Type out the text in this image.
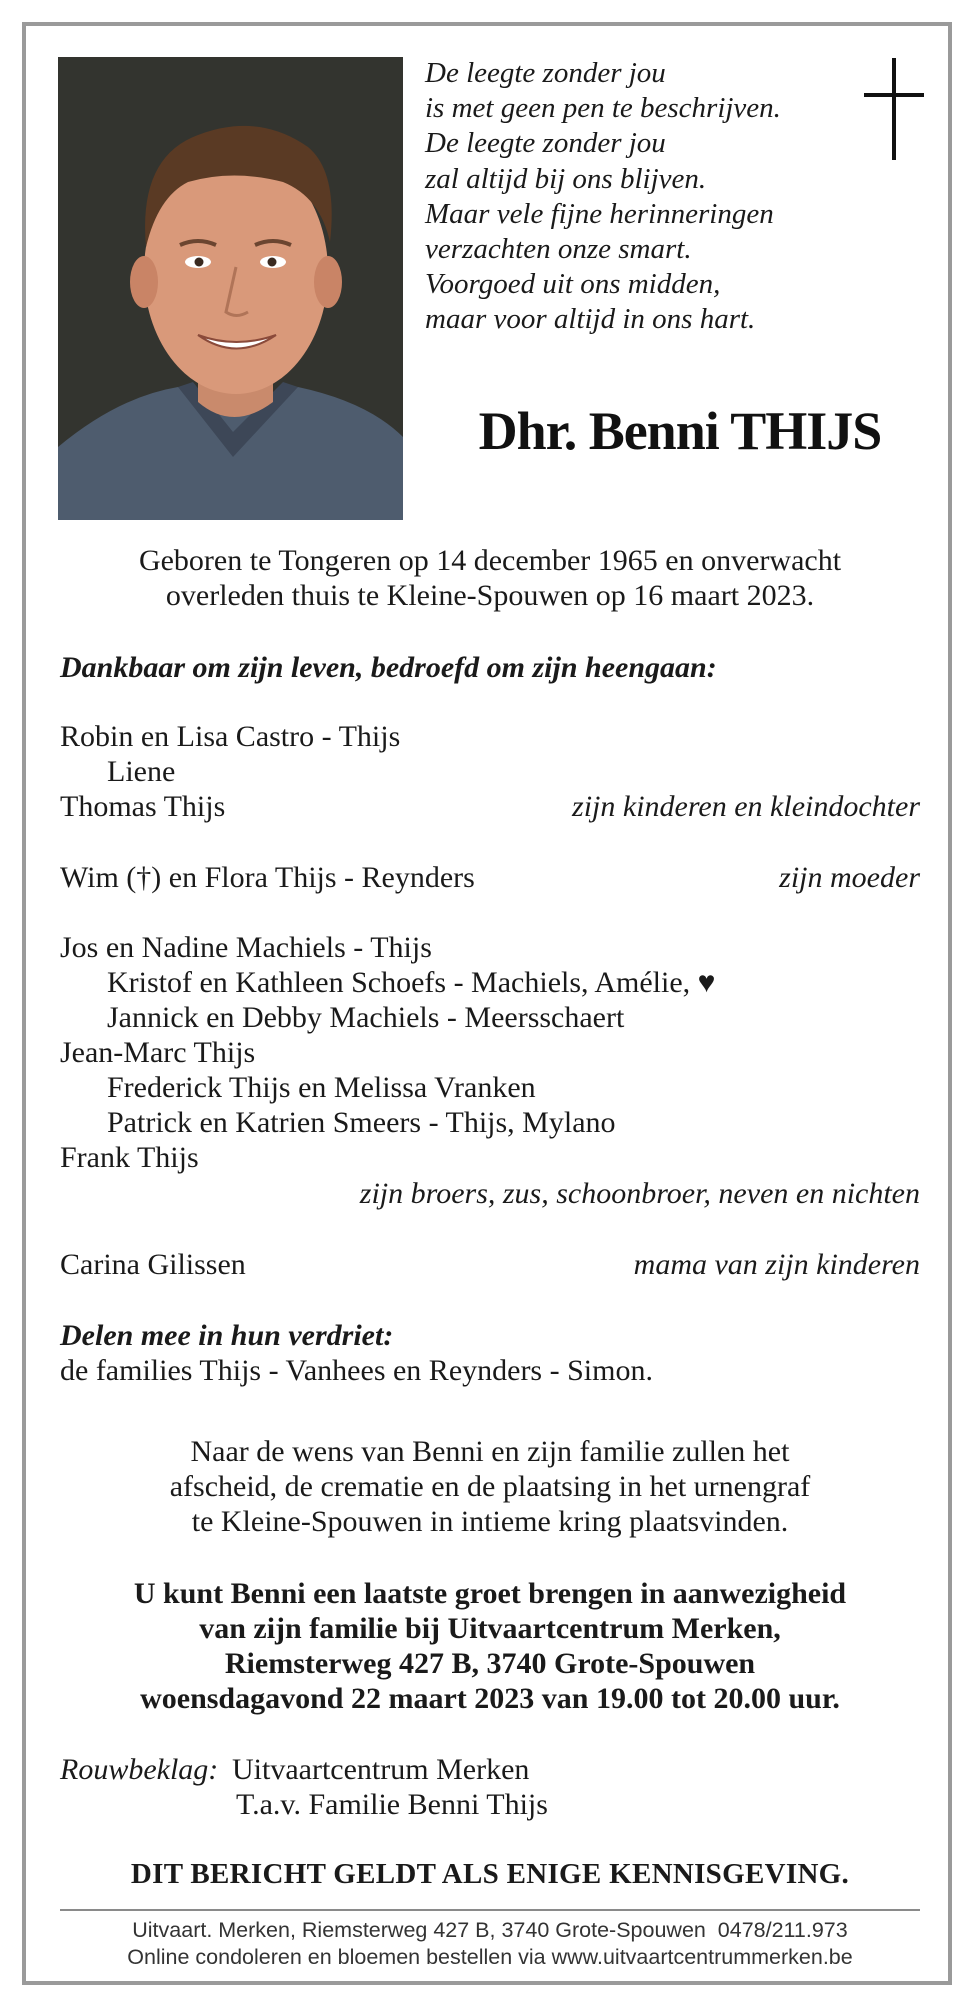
De leegte zonder jou
is met geen pen te beschrijven.
De leegte zonder jou
zal altijd bij ons blijven.
Maar vele fijne herinneringen
verzachten onze smart.
Voorgoed uit ons midden,
maar voor altijd in ons hart.
Dhr. Benni THIJS
Geboren te Tongeren op 14 december 1965 en onverwacht
overleden thuis te Kleine-Spouwen op 16 maart 2023.
Dankbaar om zijn leven, bedroefd om zijn heengaan:
Robin en Lisa Castro - Thijs
Liene
Thomas Thijs	zijn kinderen en kleindochter
Wim (†) en Flora Thijs - Reynders	zijn moeder
Jos en Nadine Machiels - Thijs
Kristof en Kathleen Schoefs - Machiels, Amélie, ♥
Jannick en Debby Machiels - Meersschaert
Jean-Marc Thijs
Frederick Thijs en Melissa Vranken
Patrick en Katrien Smeers - Thijs, Mylano
Frank Thijs
zijn broers, zus, schoonbroer, neven en nichten
Carina Gilissen	mama van zijn kinderen
Delen mee in hun verdriet:
de families Thijs - Vanhees en Reynders - Simon.
Naar de wens van Benni en zijn familie zullen het
afscheid, de crematie en de plaatsing in het urnengraf
te Kleine-Spouwen in intieme kring plaatsvinden.
U kunt Benni een laatste groet brengen in aanwezigheid
van zijn familie bij Uitvaartcentrum Merken,
Riemsterweg 427 B, 3740 Grote-Spouwen
woensdagavond 22 maart 2023 van 19.00 tot 20.00 uur.
Rouwbeklag: Uitvaartcentrum Merken
T.a.v. Familie Benni Thijs
DIT BERICHT GELDT ALS ENIGE KENNISGEVING.
Uitvaart. Merken, Riemsterweg 427 B, 3740 Grote-Spouwen  0478/211.973
Online condoleren en bloemen bestellen via www.uitvaartcentrummerken.be
